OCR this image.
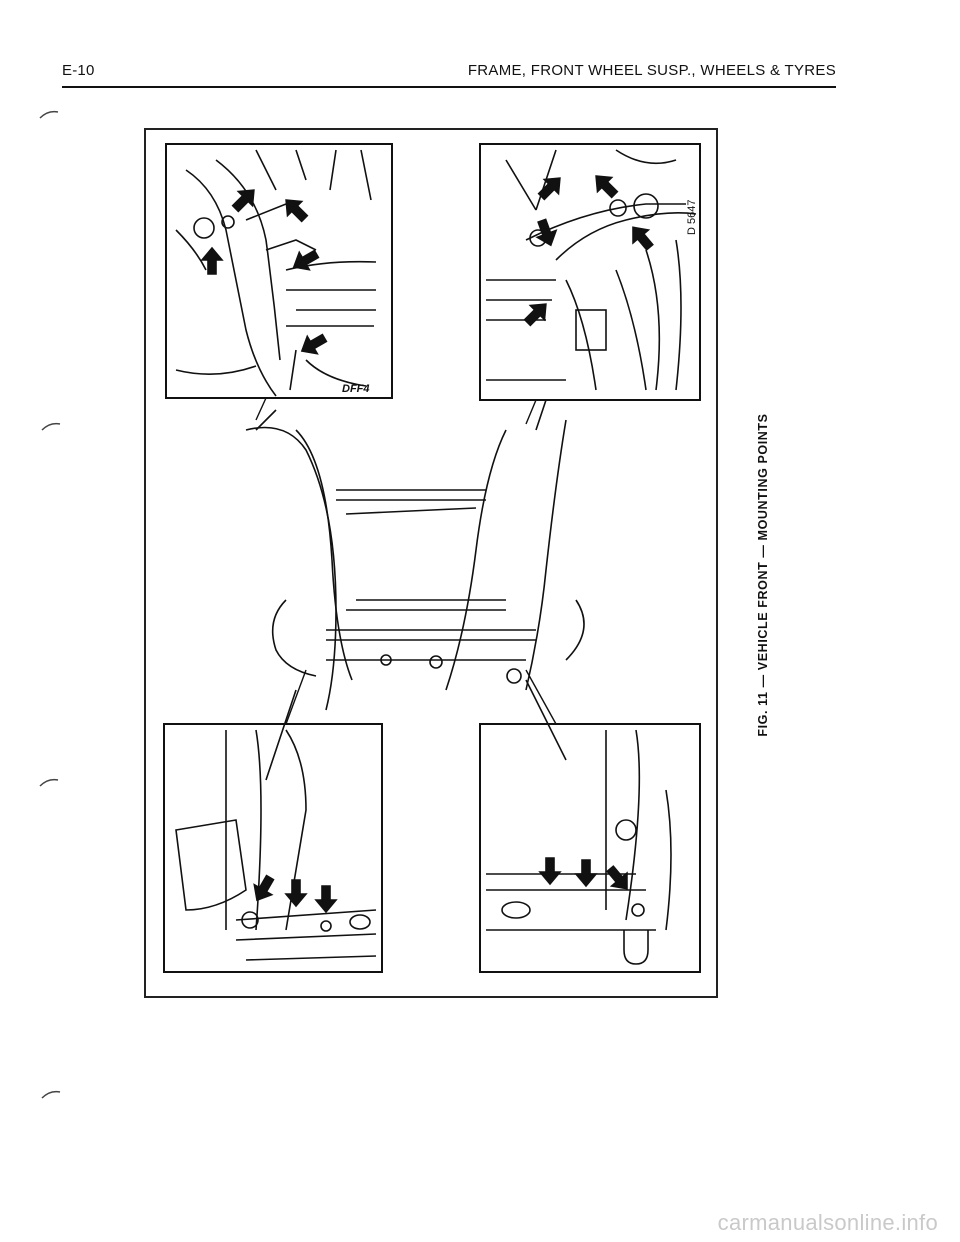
E-10	FRAME, FRONT WHEEL SUSP., WHEELS & TYRES
DFF4
D 5647
FIG. 11 — VEHICLE FRONT — MOUNTING POINTS
carmanualsonline.info
